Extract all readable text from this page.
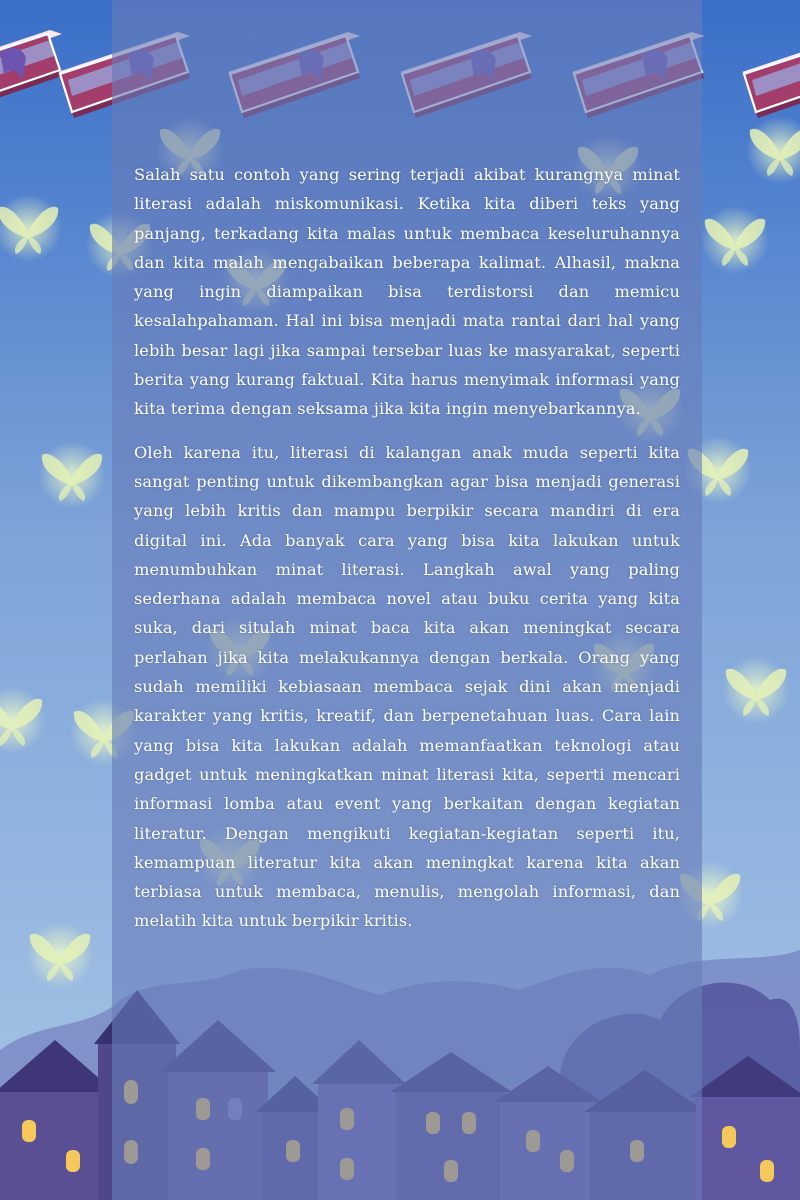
Salah satu contoh yang sering terjadi akibat kurangnya minat literasi adalah miskomunikasi. Ketika kita diberi teks yang panjang, terkadang kita malas untuk membaca keseluruhannya dan kita malah mengabaikan beberapa kalimat. Alhasil, makna yang ingin diampaikan bisa terdistorsi dan memicu kesalahpahaman. Hal ini bisa menjadi mata rantai dari hal yang lebih besar lagi jika sampai tersebar luas ke masyarakat, seperti berita yang kurang faktual. Kita harus menyimak informasi yang kita terima dengan seksama jika kita ingin menyebarkannya.

Oleh karena itu, literasi di kalangan anak muda seperti kita sangat penting untuk dikembangkan agar bisa menjadi generasi yang lebih kritis dan mampu berpikir secara mandiri di era digital ini. Ada banyak cara yang bisa kita lakukan untuk menumbuhkan minat literasi. Langkah awal yang paling sederhana adalah membaca novel atau buku cerita yang kita suka, dari situlah minat baca kita akan meningkat secara perlahan jika kita melakukannya dengan berkala. Orang yang sudah memiliki kebiasaan membaca sejak dini akan menjadi karakter yang kritis, kreatif, dan berpenetahuan luas. Cara lain yang bisa kita lakukan adalah memanfaatkan teknologi atau gadget untuk meningkatkan minat literasi kita, seperti mencari informasi lomba atau event yang berkaitan dengan kegiatan literatur. Dengan mengikuti kegiatan-kegiatan seperti itu, kemampuan literatur kita akan meningkat karena kita akan terbiasa untuk membaca, menulis, mengolah informasi, dan melatih kita untuk berpikir kritis.
